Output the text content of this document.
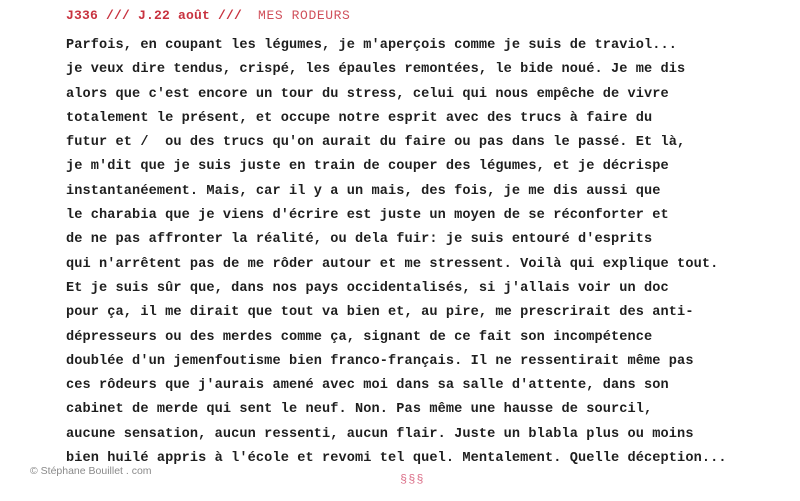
J336 /// J.22 août /// MES RODEURS
Parfois, en coupant les légumes, je m'aperçois comme je suis de traviol...
je veux dire tendus, crispé, les épaules remontées, le bide noué. Je me dis
alors que c'est encore un tour du stress, celui qui nous empêche de vivre
totalement le présent, et occupe notre esprit avec des trucs à faire du
futur et /  ou des trucs qu'on aurait du faire ou pas dans le passé. Et là,
je m'dit que je suis juste en train de couper des légumes, et je décrispe
instantanéement. Mais, car il y a un mais, des fois, je me dis aussi que
le charabia que je viens d'écrire est juste un moyen de se réconforter et
de ne pas affronter la réalité, ou dela fuir: je suis entouré d'esprits
qui n'arrêtent pas de me rôder autour et me stressent. Voilà qui explique tout.
Et je suis sûr que, dans nos pays occidentalisés, si j'allais voir un doc
pour ça, il me dirait que tout va bien et, au pire, me prescrirait des anti-
dépresseurs ou des merdes comme ça, signant de ce fait son incompétence
doublée d'un jemenfoutisme bien franco-français. Il ne ressentirait même pas
ces rôdeurs que j'aurais amené avec moi dans sa salle d'attente, dans son
cabinet de merde qui sent le neuf. Non. Pas même une hausse de sourcil,
aucune sensation, aucun ressenti, aucun flair. Juste un blabla plus ou moins
bien huilé appris à l'école et revomi tel quel. Mentalement. Quelle déception...
© Stéphane Bouillet . com
§§§
